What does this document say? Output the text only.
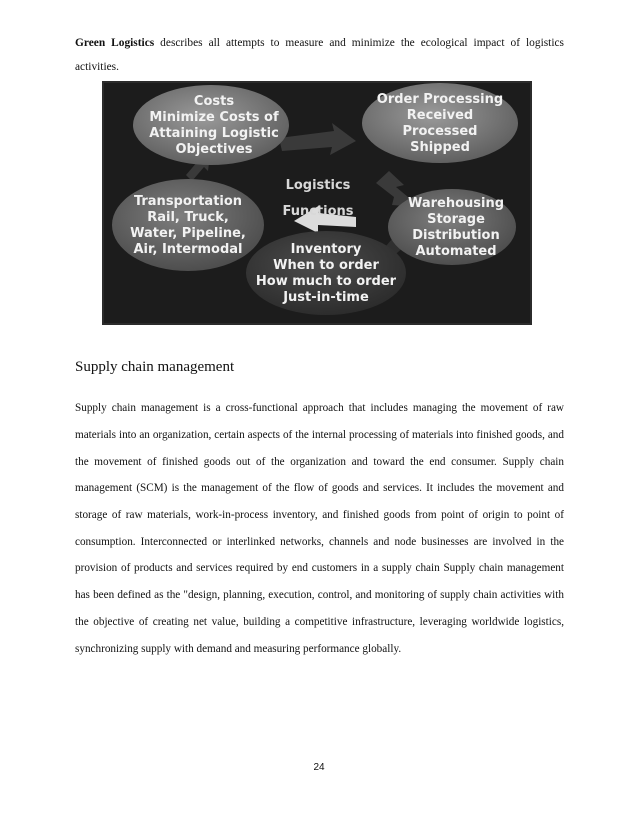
Green Logistics describes all attempts to measure and minimize the ecological impact of logistics activities.

Logistics
Functions
Costs
Minimize Costs of
Attaining Logistic
Objectives
Order Processing
Received
Processed
Shipped
Warehousing
Storage
Distribution
Automated
Transportation
Rail, Truck,
Water, Pipeline,
Air, Intermodal	Inventory
When to order
How much to order
Just-in-time
Supply chain management

Supply chain management is a cross-functional approach that includes managing the movement of raw materials into an organization, certain aspects of the internal processing of materials into finished goods, and the movement of finished goods out of the organization and toward the end consumer. Supply chain management (SCM) is the management of the flow of goods and services. It includes the movement and storage of raw materials, work-in-process inventory, and finished goods from point of origin to point of consumption. Interconnected or interlinked networks, channels and node businesses are involved in the provision of products and services required by end customers in a supply chain Supply chain management has been defined as the "design, planning, execution, control, and monitoring of supply chain activities with the objective of creating net value, building a competitive infrastructure, leveraging worldwide logistics, synchronizing supply with demand and measuring performance globally.

24
